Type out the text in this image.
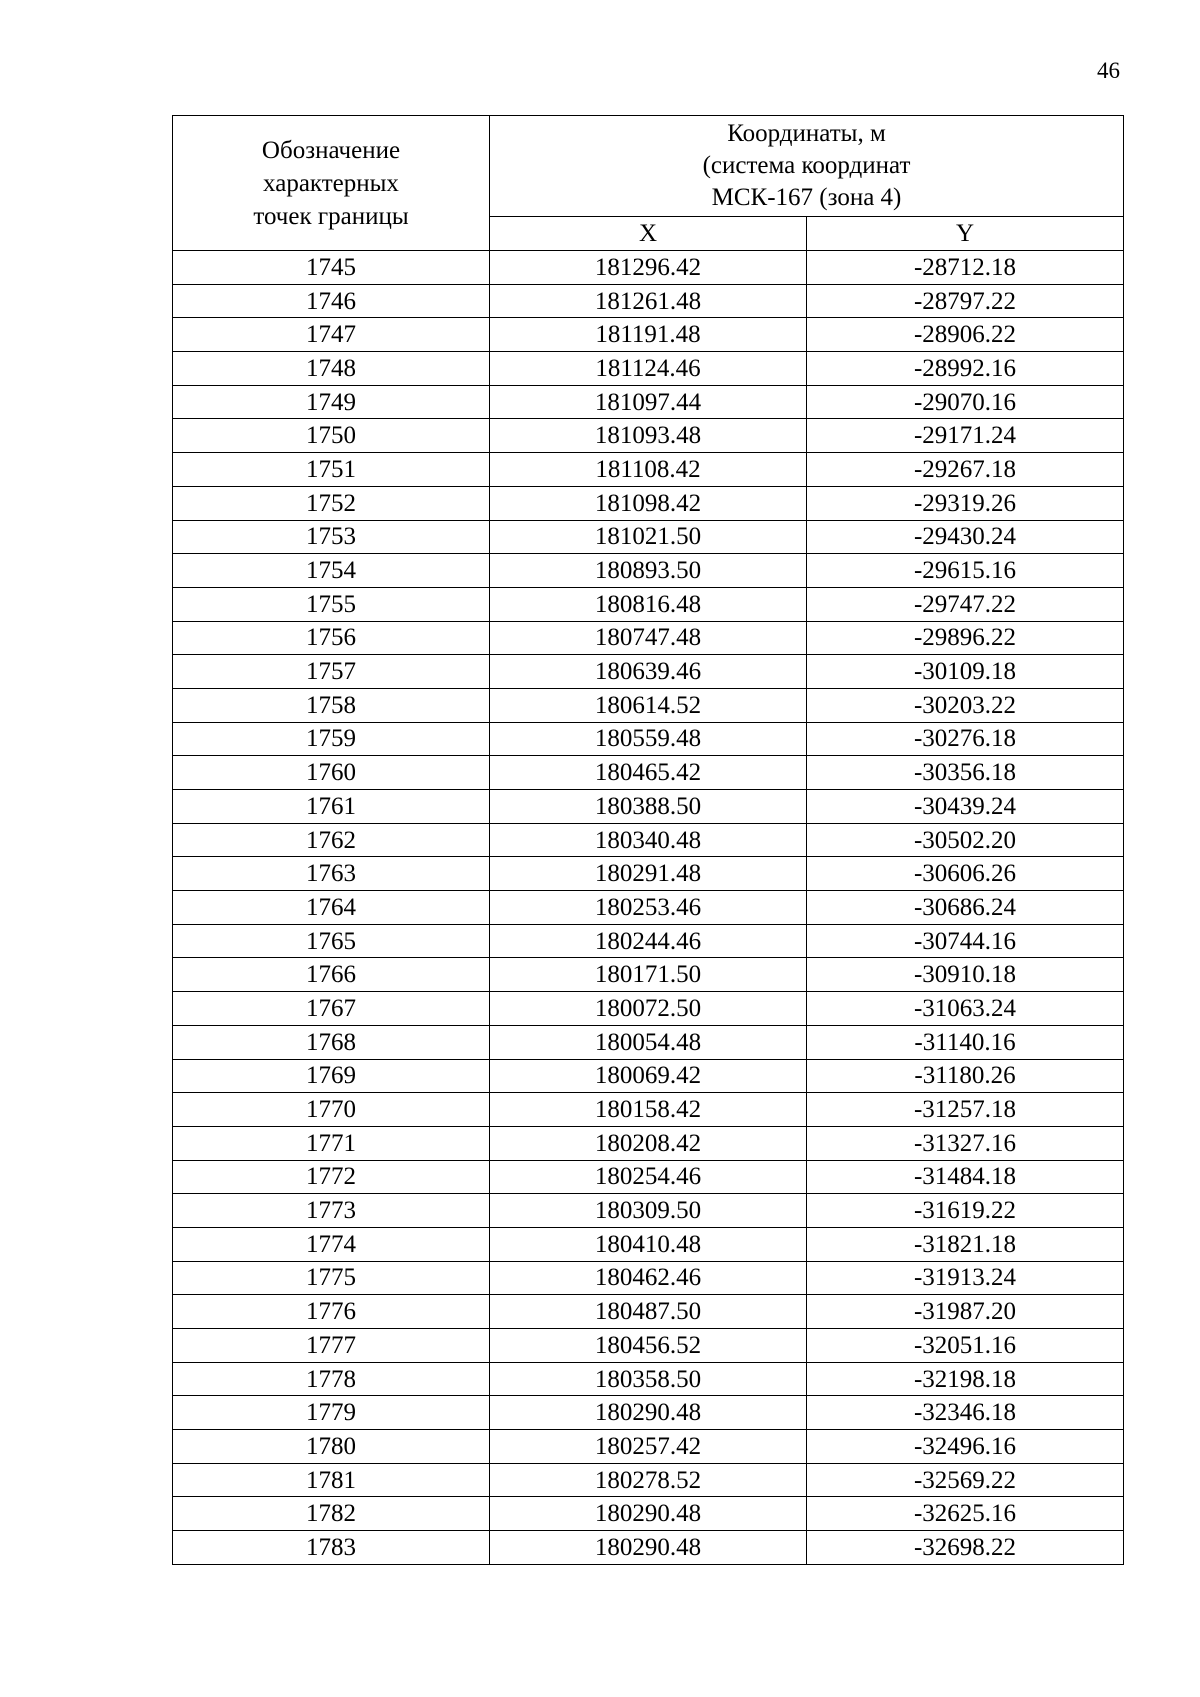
46
Обозначение
характерных
точек границы	Координаты, м
(система координат
МСК-167 (зона 4)	

	X	Y
1745	181296.42	-28712.18
1746	181261.48	-28797.22
1747	181191.48	-28906.22
1748	181124.46	-28992.16
1749	181097.44	-29070.16
1750	181093.48	-29171.24
1751	181108.42	-29267.18
1752	181098.42	-29319.26
1753	181021.50	-29430.24
1754	180893.50	-29615.16
1755	180816.48	-29747.22
1756	180747.48	-29896.22
1757	180639.46	-30109.18
1758	180614.52	-30203.22
1759	180559.48	-30276.18
1760	180465.42	-30356.18
1761	180388.50	-30439.24
1762	180340.48	-30502.20
1763	180291.48	-30606.26
1764	180253.46	-30686.24
1765	180244.46	-30744.16
1766	180171.50	-30910.18
1767	180072.50	-31063.24
1768	180054.48	-31140.16
1769	180069.42	-31180.26
1770	180158.42	-31257.18
1771	180208.42	-31327.16
1772	180254.46	-31484.18
1773	180309.50	-31619.22
1774	180410.48	-31821.18
1775	180462.46	-31913.24
1776	180487.50	-31987.20
1777	180456.52	-32051.16
1778	180358.50	-32198.18
1779	180290.48	-32346.18
1780	180257.42	-32496.16
1781	180278.52	-32569.22
1782	180290.48	-32625.16
1783	180290.48	-32698.22
